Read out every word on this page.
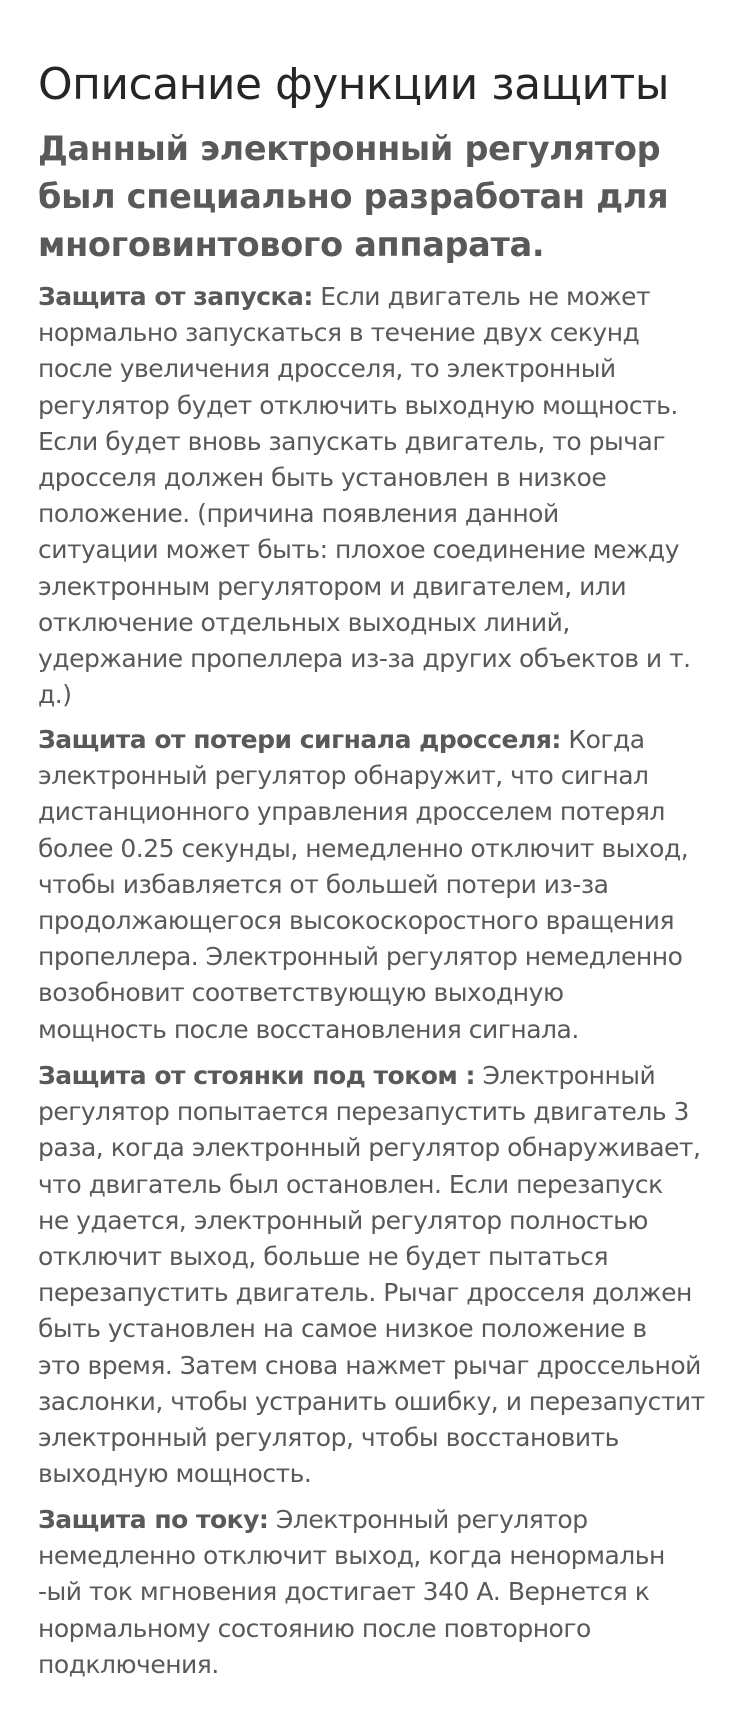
Описание функции защиты
Данный электронный регулятор
был специально разработан для
многовинтового аппарата.

Защита от запуска: Если двигатель не может
нормально запускаться в течение двух секунд
после увеличения дросселя, то электронный
регулятор будет отключить выходную мощность.
Если будет вновь запускать двигатель, то рычаг
дросселя должен быть установлен в низкое
положение. (причина появления данной
ситуации может быть: плохое соединение между
электронным регулятором и двигателем, или
отключение отдельных выходных линий,
удержание пропеллера из-за других объектов и т.
д.)

Защита от потери сигнала дросселя: Когда
электронный регулятор обнаружит, что сигнал
дистанционного управления дросселем потерял
более 0.25 секунды, немедленно отключит выход,
чтобы избавляется от большей потери из-за
продолжающегося высокоскоростного вращения
пропеллера. Электронный регулятор немедленно
возобновит соответствующую выходную
мощность после восстановления сигнала.

Защита от стоянки под током : Электронный
регулятор попытается перезапустить двигатель 3
раза, когда электронный регулятор обнаруживает,
что двигатель был остановлен. Если перезапуск
не удается, электронный регулятор полностью
отключит выход, больше не будет пытаться
перезапустить двигатель. Рычаг дросселя должен
быть установлен на самое низкое положение в
это время. Затем снова нажмет рычаг дроссельной
заслонки, чтобы устранить ошибку, и перезапустит
электронный регулятор, чтобы восстановить
выходную мощность.

Защита по току: Электронный регулятор
немедленно отключит выход, когда ненормальн
-ый ток мгновения достигает 340 А. Вернется к
нормальному состоянию после повторного
подключения.
